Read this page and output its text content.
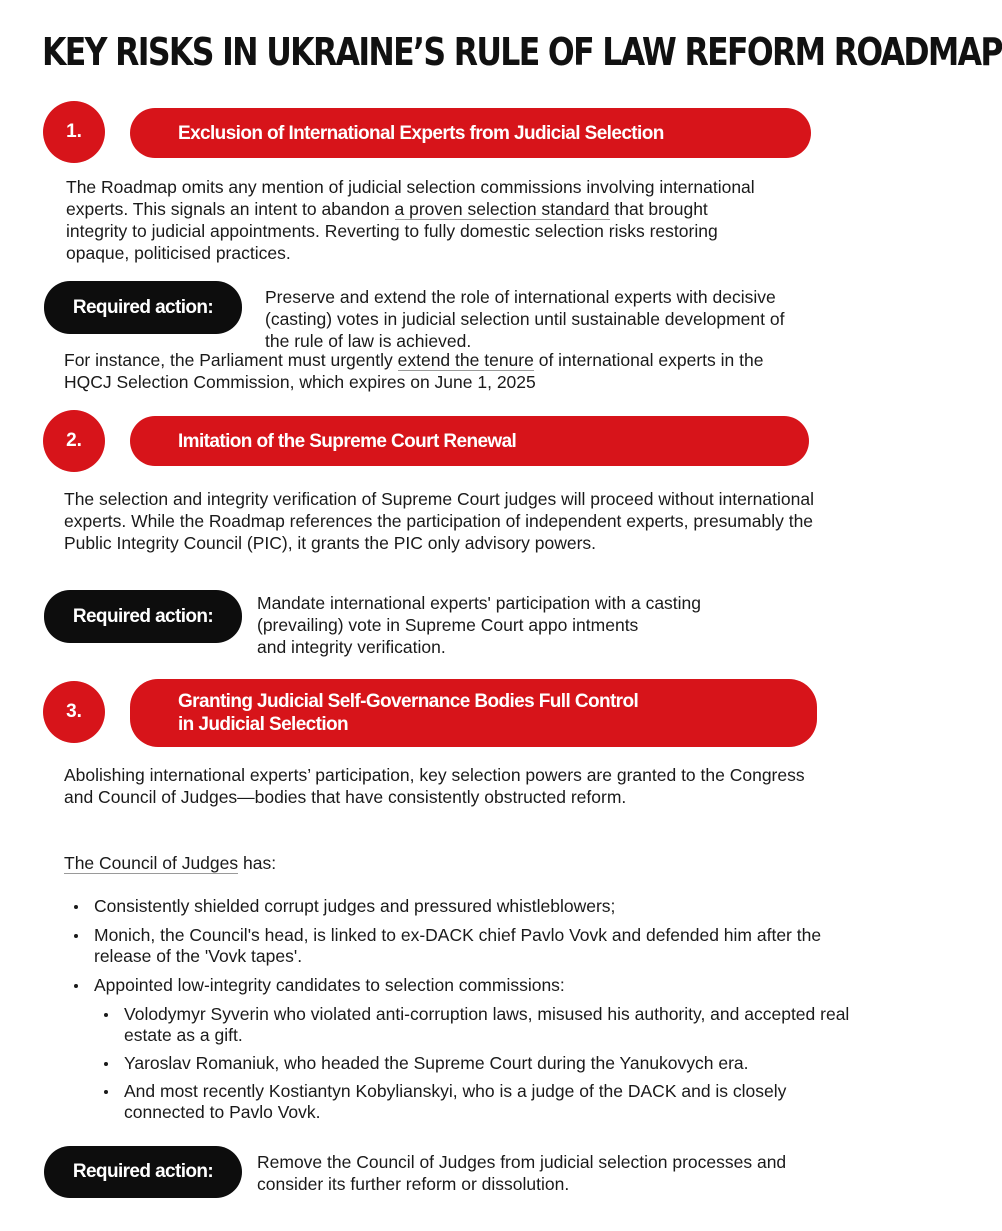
KEY RISKS IN UKRAINE’S RULE OF LAW REFORM ROADMAP
1.	Exclusion of International Experts from Judicial Selection

The Roadmap omits any mention of judicial selection commissions involving international experts. This signals an intent to abandon a proven selection standard that brought integrity to judicial appointments. Reverting to fully domestic selection risks restoring opaque, politicised practices.

Required action:	Preserve and extend the role of international experts with decisive (casting) votes in judicial selection until sustainable development of the rule of law is achieved.

For instance, the Parliament must urgently extend the tenure of international experts in the HQCJ Selection Commission, which expires on June 1, 2025

2.	Imitation of the Supreme Court Renewal

The selection and integrity verification of Supreme Court judges will proceed without international experts. While the Roadmap references the participation of independent experts, presumably the Public Integrity Council (PIC), it grants the PIC only advisory powers.

Required action:
Mandate international experts' participation with a casting
(prevailing) vote in Supreme Court appo intments
and integrity verification.
3.	Granting Judicial Self-Governance Bodies Full Control
in Judicial Selection

Abolishing international experts’ participation, key selection powers are granted to the Congress and Council of Judges—bodies that have consistently obstructed reform.

The Council of Judges has:

Consistently shielded corrupt judges and pressured whistleblowers;
Monich, the Council's head, is linked to ex-DACK chief Pavlo Vovk and defended him after the release of the 'Vovk tapes'.
Appointed low-integrity candidates to selection commissions:
Volodymyr Syverin who violated anti-corruption laws, misused his authority, and accepted real estate as a gift.
Yaroslav Romaniuk, who headed the Supreme Court during the Yanukovych era.
And most recently Kostiantyn Kobylianskyi, who is a judge of the DACK and is closely connected to Pavlo Vovk.
Required action:	Remove the Council of Judges from judicial selection processes and consider its further reform or dissolution.
